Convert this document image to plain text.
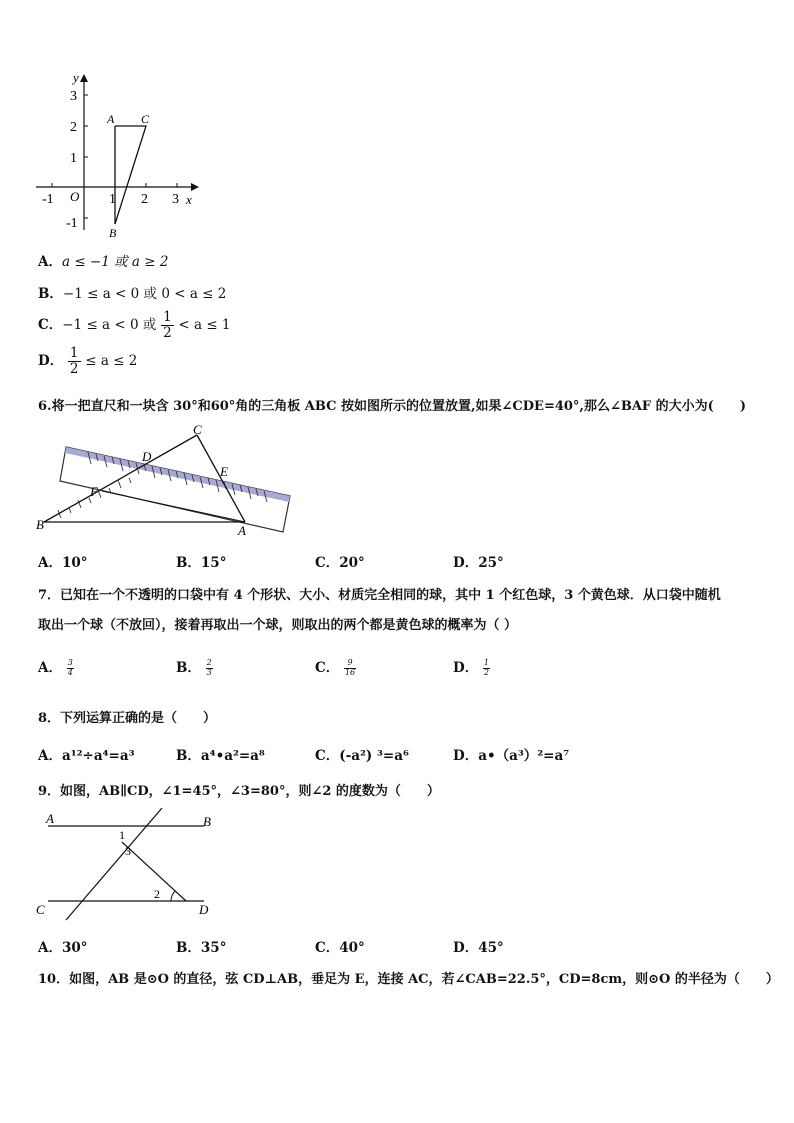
y
x
O
3
2
1
-1
-1	1 2 3
A C
B
A．a ≤ −1 或 a ≥ 2
B．−1 ≤ a < 0 或 0 < a ≤ 2
C．−1 ≤ a < 0 或 $\frac{1}{2} < a \le 1$
D． $\frac{1}{2} \le a \le 2$
6.将一把直尺和一块含 30°和60°角的三角板 ABC 按如图所示的位置放置,如果∠CDE=40°,那么∠BAF 的大小为(　　)
C
D
E
F
B	A
A．10°	B．15°	C．20°	D．25°
7．已知在一个不透明的口袋中有 4 个形状、大小、材质完全相同的球，其中 1 个红色球，3 个黄色球．从口袋中随机
取出一个球（不放回），接着再取出一个球，则取出的两个都是黄色球的概率为（ ）
A． $\frac{3}{4}$	B． $\frac{2}{3}$	C． $\frac{9}{16}$	D． $\frac{1}{2}$
8．下列运算正确的是（　　）
A．a¹²÷a⁴=a³	B．a⁴•a²=a⁸	C．(-a²) ³=a⁶	D．a•（a³）²=a⁷
9．如图，AB∥CD，∠1=45°，∠3=80°，则∠2 的度数为（　　）
A	B
C	D
1
3
2
A．30°	B．35°	C．40°	D．45°
10．如图，AB 是⊙O 的直径，弦 CD⊥AB，垂足为 E，连接 AC，若∠CAB=22.5°，CD=8cm，则⊙O 的半径为（　　）
